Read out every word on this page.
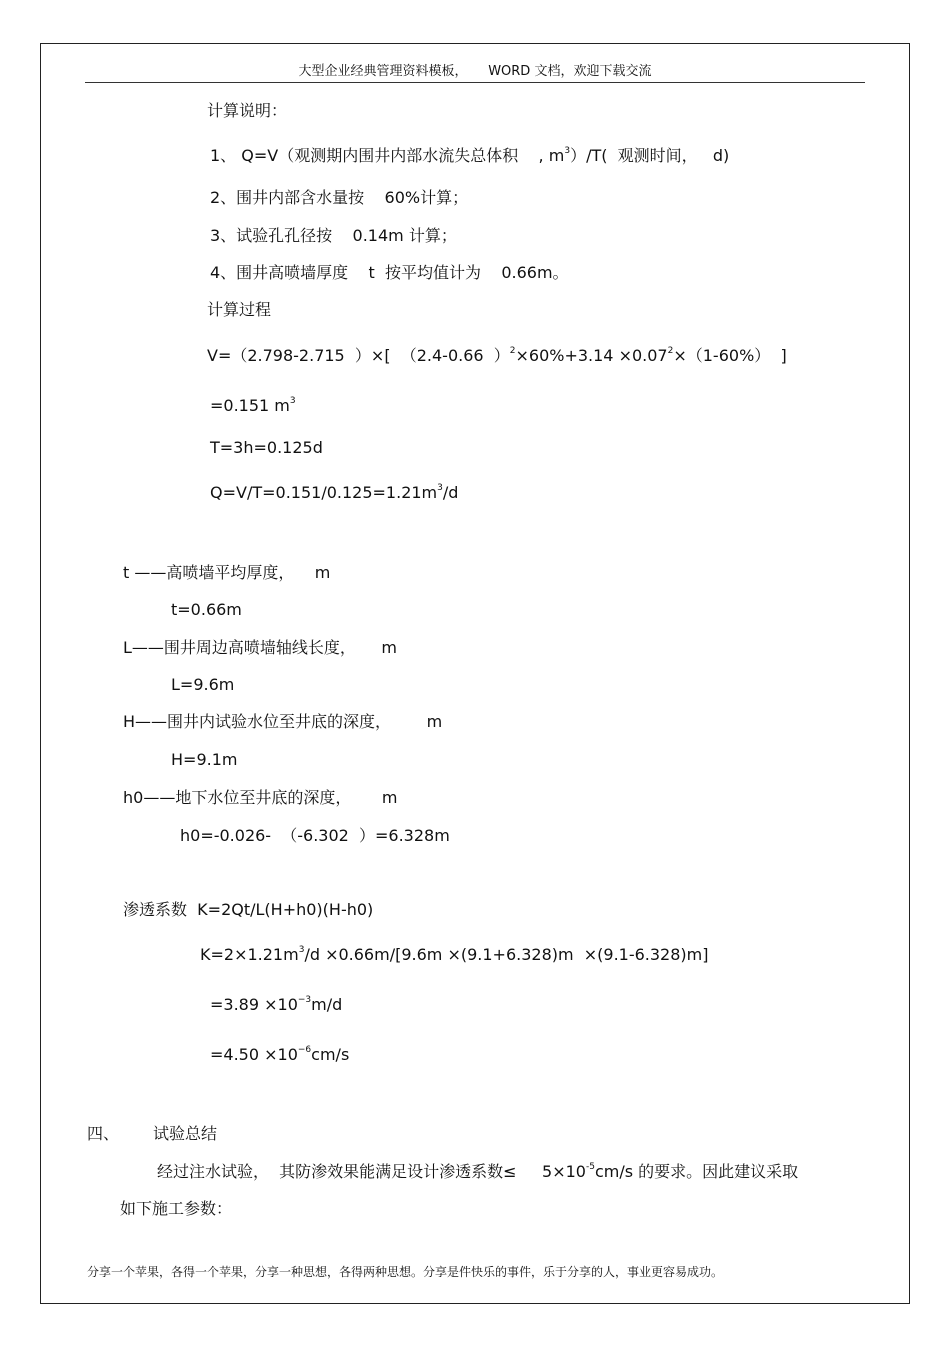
大型企业经典管理资料模板，     WORD 文档，欢迎下载交流
计算说明：
1、 Q=V（观测期内围井内部水流失总体积    , $m^3)/T$(  观测时间，   d)
2、围井内部含水量按    60%计算；
3、试验孔孔径按    0.14m 计算；
4、围井高喷墙厚度    t  按平均值计为    0.66m。
计算过程
V=（2.798-2.715  ）×[  （2.4-0.66  ）$^2\times 60\%+3.14 \times 0.07^2\times(1-60\%)$  ]
=0.151 $m^3$
T=3h=0.125d
$Q=V/T=0.151/0.125=1.21m^3/d$
t ——高喷墙平均厚度，    m
t=0.66m
L——围井周边高喷墙轴线长度，     m
L=9.6m
H——围井内试验水位至井底的深度，       m
H=9.1m
h0——地下水位至井底的深度，      m
h0=-0.026-  （-6.302  ）=6.328m
渗透系数  K=2Qt/L(H+h0)(H-h0)
$K=2\times 1.21m^3/d \times 0.66m/[9.6m \times(9.1+6.328)m \times(9.1-6.328)m]$
$=3.89 \times 10^{-3}m/d$
$=4.50 \times 10^{-6}cm/s$
四、 试验总结
经过注水试验，  其防渗效果能满足设计渗透系数≤     $5\times 10^{-5}cm/s$ 的要求。因此建议采取
如下施工参数：
分享一个苹果，各得一个苹果，分享一种思想，各得两种思想。分享是件快乐的事件，乐于分享的人，事业更容易成功。
